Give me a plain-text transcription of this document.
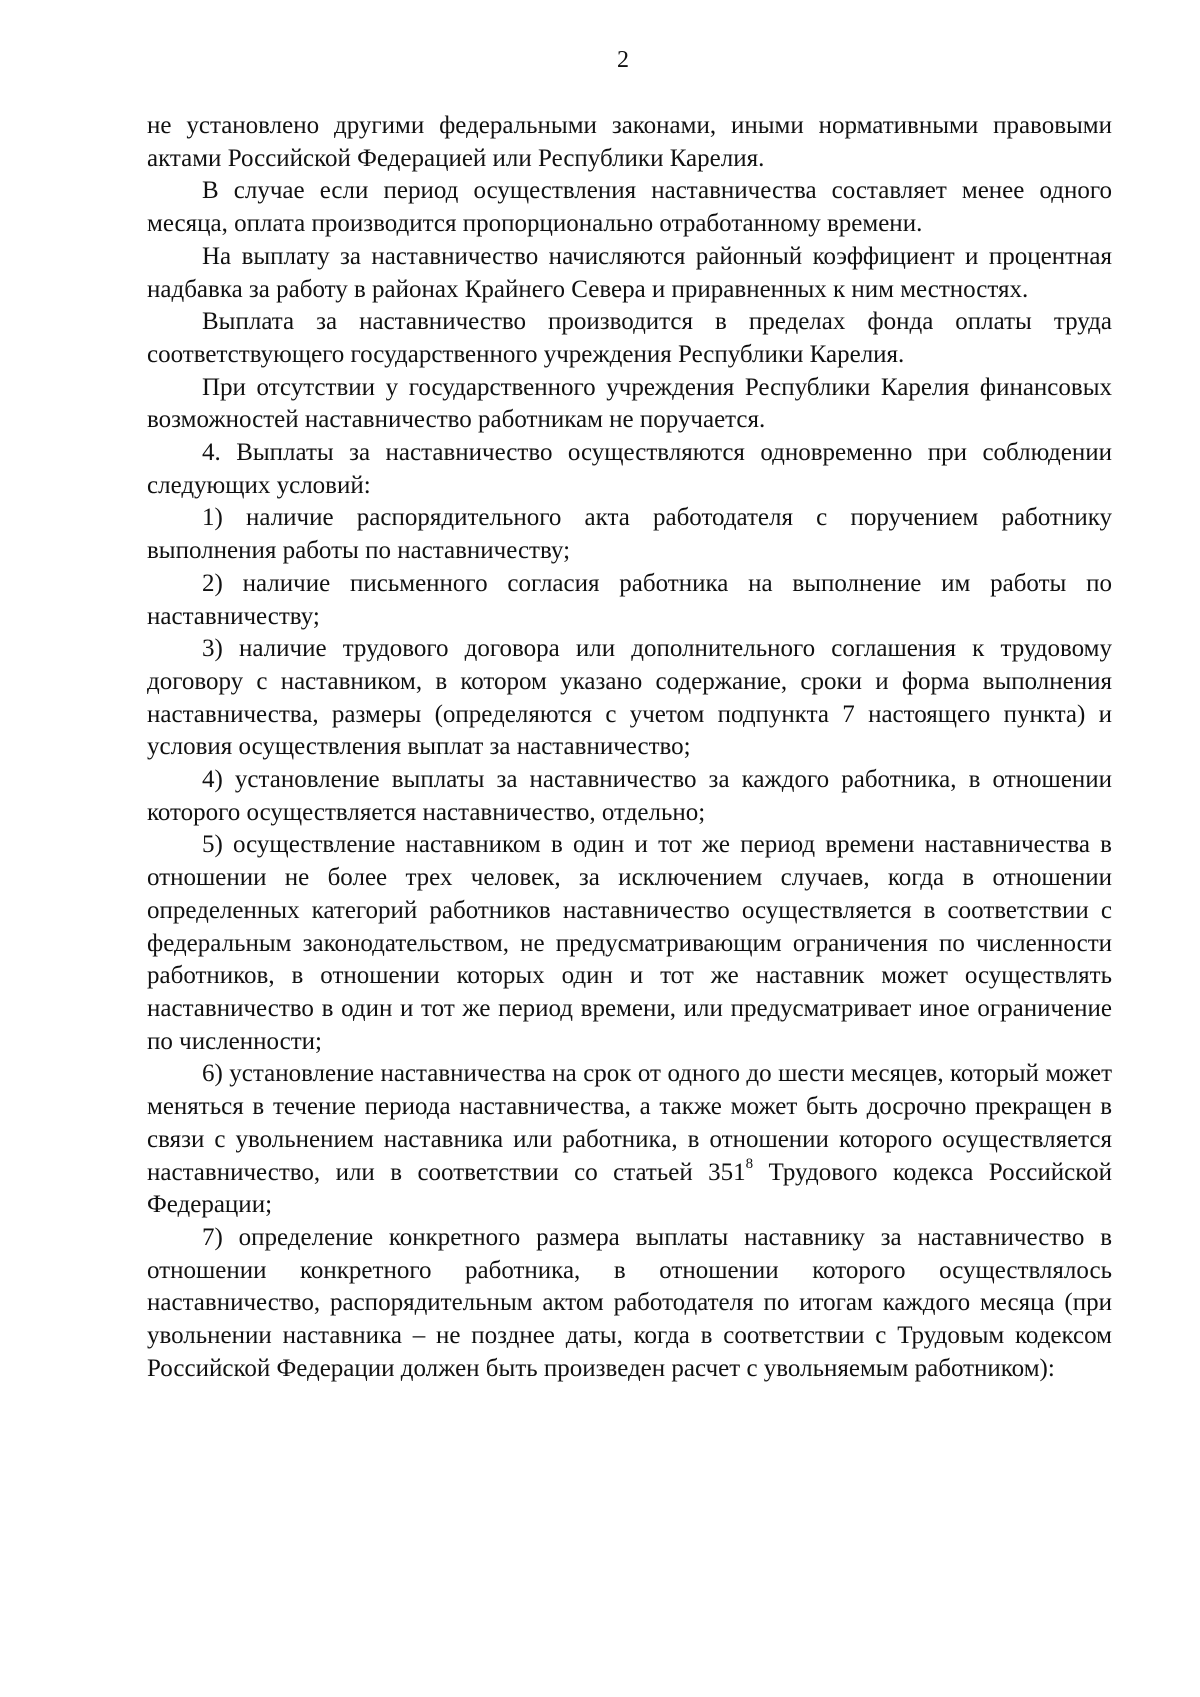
2

не установлено другими федеральными законами, иными нормативными правовыми актами Российской Федерацией или Республики Карелия.

В случае если период осуществления наставничества составляет менее одного месяца, оплата производится пропорционально отработанному времени.

На выплату за наставничество начисляются районный коэффициент и процентная надбавка за работу в районах Крайнего Севера и приравненных к ним местностях.

Выплата за наставничество производится в пределах фонда оплаты труда соответствующего государственного учреждения Республики Карелия.

При отсутствии у государственного учреждения Республики Карелия финансовых возможностей наставничество работникам не поручается.

4. Выплаты за наставничество осуществляются одновременно при соблюдении следующих условий:

1) наличие распорядительного акта работодателя с поручением работнику выполнения работы по наставничеству;

2) наличие письменного согласия работника на выполнение им работы по наставничеству;

3) наличие трудового договора или дополнительного соглашения к трудовому договору с наставником, в котором указано содержание, сроки и форма выполнения наставничества, размеры (определяются с учетом подпункта 7 настоящего пункта) и условия осуществления выплат за наставничество;

4) установление выплаты за наставничество за каждого работника, в отношении которого осуществляется наставничество, отдельно;

5) осуществление наставником в один и тот же период времени наставничества в отношении не более трех человек, за исключением случаев, когда в отношении определенных категорий работников наставничество осуществляется в соответствии с федеральным законодательством, не предусматривающим ограничения по численности работников, в отношении которых один и тот же наставник может осуществлять наставничество в один и тот же период времени, или предусматривает иное ограничение по численности;

6) установление наставничества на срок от одного до шести месяцев, который может меняться в течение периода наставничества, а также может быть досрочно прекращен в связи с увольнением наставника или работника, в отношении которого осуществляется наставничество, или в соответствии со статьей $351^8$ Трудового кодекса Российской Федерации;

7) определение конкретного размера выплаты наставнику за наставничество в отношении конкретного работника, в отношении которого осуществлялось наставничество, распорядительным актом работодателя по итогам каждого месяца (при увольнении наставника – не позднее даты, когда в соответствии с Трудовым кодексом Российской Федерации должен быть произведен расчет с увольняемым работником):
